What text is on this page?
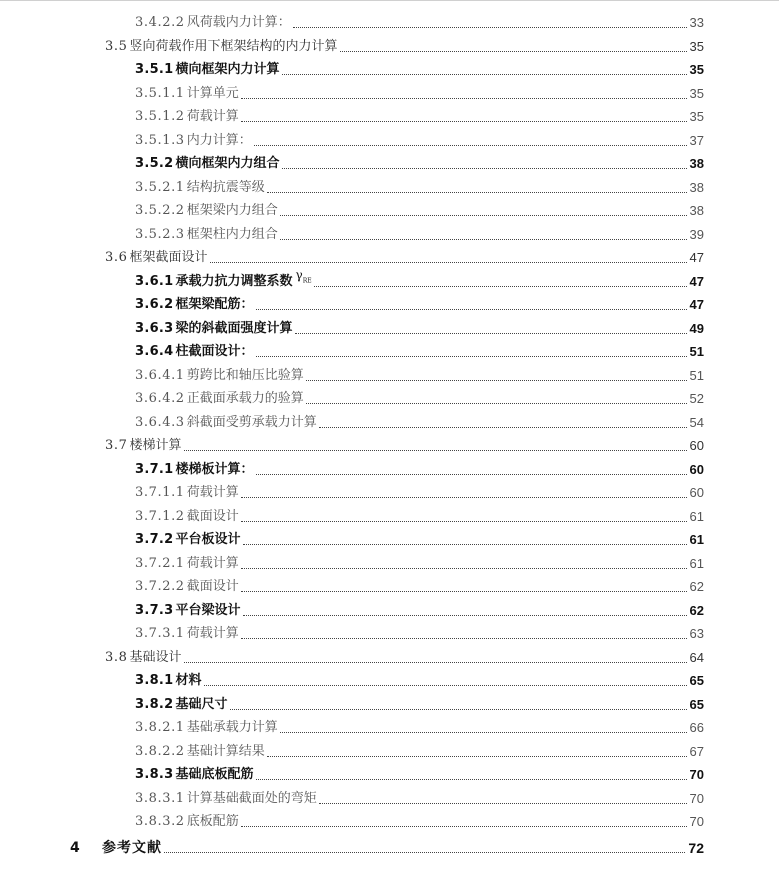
3.4.2.2 风荷载内力计算：	33
3.5 竖向荷载作用下框架结构的内力计算	35
3.5.1 横向框架内力计算	35
3.5.1.1 计算单元	35
3.5.1.2 荷载计算	35
3.5.1.3 内力计算：	37
3.5.2 横向框架内力组合	38
3.5.2.1 结构抗震等级	38
3.5.2.2 框架梁内力组合	38
3.5.2.3 框架柱内力组合	39
3.6 框架截面设计	47
3.6.1 承载力抗力调整系数 $\gamma_{RE}$	47
3.6.2 框架梁配筋：	47
3.6.3 梁的斜截面强度计算	49
3.6.4 柱截面设计：	51
3.6.4.1 剪跨比和轴压比验算	51
3.6.4.2 正截面承载力的验算	52
3.6.4.3 斜截面受剪承载力计算	54
3.7 楼梯计算	60
3.7.1 楼梯板计算：	60
3.7.1.1 荷载计算	60
3.7.1.2 截面设计	61
3.7.2 平台板设计	61
3.7.2.1 荷载计算	61
3.7.2.2 截面设计	62
3.7.3 平台梁设计	62
3.7.3.1 荷载计算	63
3.8 基础设计	64
3.8.1 材料	65
3.8.2 基础尺寸	65
3.8.2.1 基础承载力计算	66
3.8.2.2 基础计算结果	67
3.8.3 基础底板配筋	70
3.8.3.1 计算基础截面处的弯矩	70
3.8.3.2 底板配筋	70
4	参考文献	72
